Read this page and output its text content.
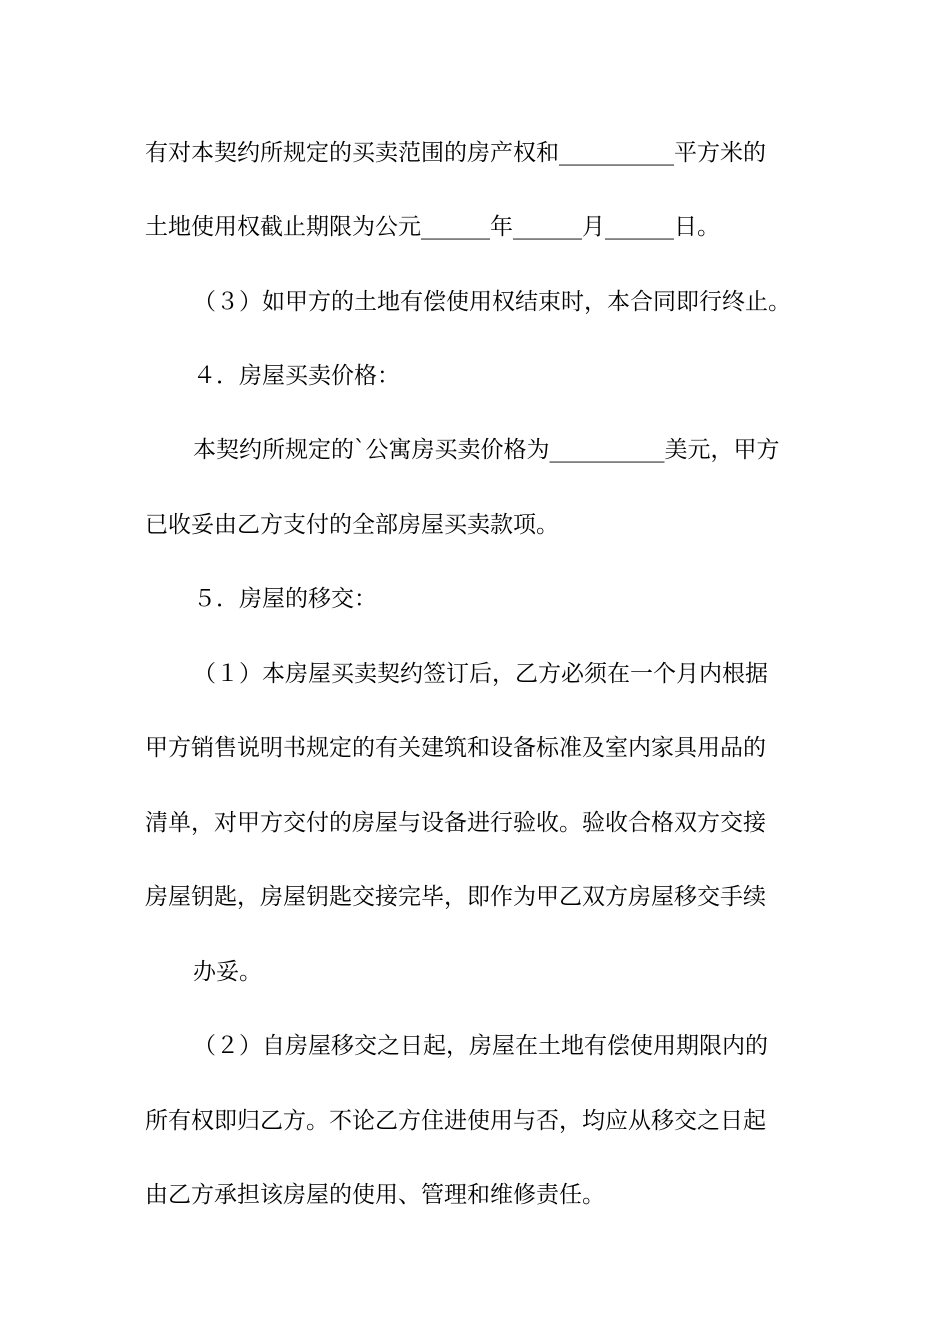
有对本契约所规定的买卖范围的房产权和__________平方米的
土地使用权截止期限为公元______年______月______日。
（３）如甲方的土地有偿使用权结束时，本合同即行终止。
４．房屋买卖价格：
本契约所规定的`公寓房买卖价格为__________美元，甲方
已收妥由乙方支付的全部房屋买卖款项。
５．房屋的移交：
（１）本房屋买卖契约签订后，乙方必须在一个月内根据
甲方销售说明书规定的有关建筑和设备标准及室内家具用品的
清单，对甲方交付的房屋与设备进行验收。验收合格双方交接
房屋钥匙，房屋钥匙交接完毕，即作为甲乙双方房屋移交手续
办妥。
（２）自房屋移交之日起，房屋在土地有偿使用期限内的
所有权即归乙方。不论乙方住进使用与否，均应从移交之日起
由乙方承担该房屋的使用、管理和维修责任。
